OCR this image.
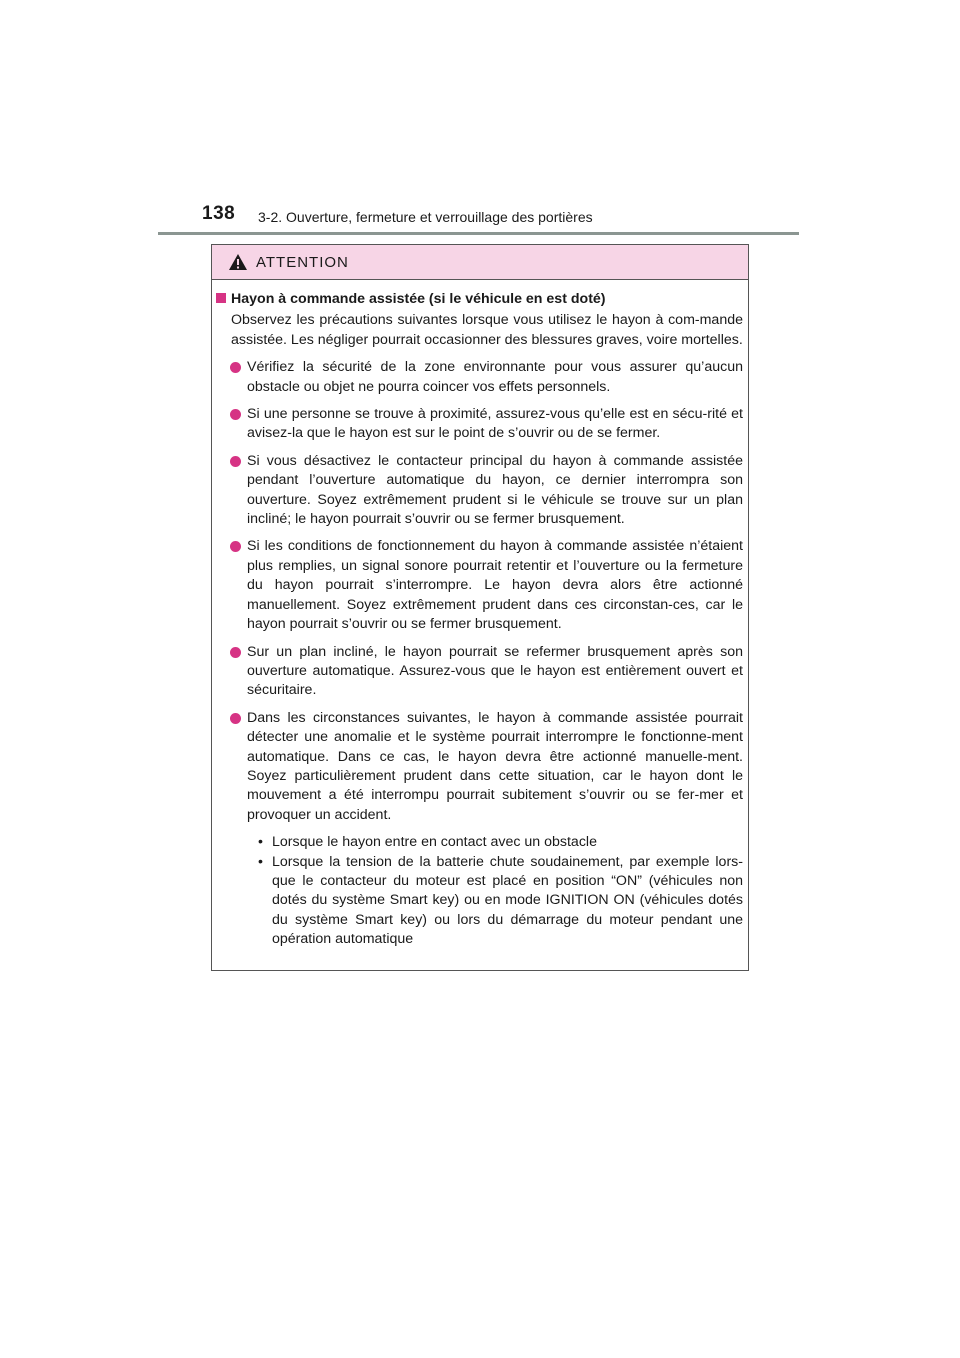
138 3-2. Ouverture, fermeture et verrouillage des portières
ATTENTION
Hayon à commande assistée (si le véhicule en est doté)

Observez les précautions suivantes lorsque vous utilisez le hayon à com-mande assistée. Les négliger pourrait occasionner des blessures graves, voire mortelles.

Vérifiez la sécurité de la zone environnante pour vous assurer qu’aucun obstacle ou objet ne pourra coincer vos effets personnels.
Si une personne se trouve à proximité, assurez-vous qu’elle est en sécu-rité et avisez-la que le hayon est sur le point de s’ouvrir ou de se fermer.
Si vous désactivez le contacteur principal du hayon à commande assistée pendant l’ouverture automatique du hayon, ce dernier interrompra son ouverture. Soyez extrêmement prudent si le véhicule se trouve sur un plan incliné; le hayon pourrait s’ouvrir ou se fermer brusquement.
Si les conditions de fonctionnement du hayon à commande assistée n’étaient plus remplies, un signal sonore pourrait retentir et l’ouverture ou la fermeture du hayon pourrait s’interrompre. Le hayon devra alors être actionné manuellement. Soyez extrêmement prudent dans ces circonstan-ces, car le hayon pourrait s’ouvrir ou se fermer brusquement.
Sur un plan incliné, le hayon pourrait se refermer brusquement après son ouverture automatique. Assurez-vous que le hayon est entièrement ouvert et sécuritaire.
Dans les circonstances suivantes, le hayon à commande assistée pourrait détecter une anomalie et le système pourrait interrompre le fonctionne-ment automatique. Dans ce cas, le hayon devra être actionné manuelle-ment. Soyez particulièrement prudent dans cette situation, car le hayon dont le mouvement a été interrompu pourrait subitement s’ouvrir ou se fer-mer et provoquer un accident.
• Lorsque le hayon entre en contact avec un obstacle
• Lorsque la tension de la batterie chute soudainement, par exemple lors-que le contacteur du moteur est placé en position “ON” (véhicules non dotés du système Smart key) ou en mode IGNITION ON (véhicules dotés du système Smart key) ou lors du démarrage du moteur pendant une opération automatique
